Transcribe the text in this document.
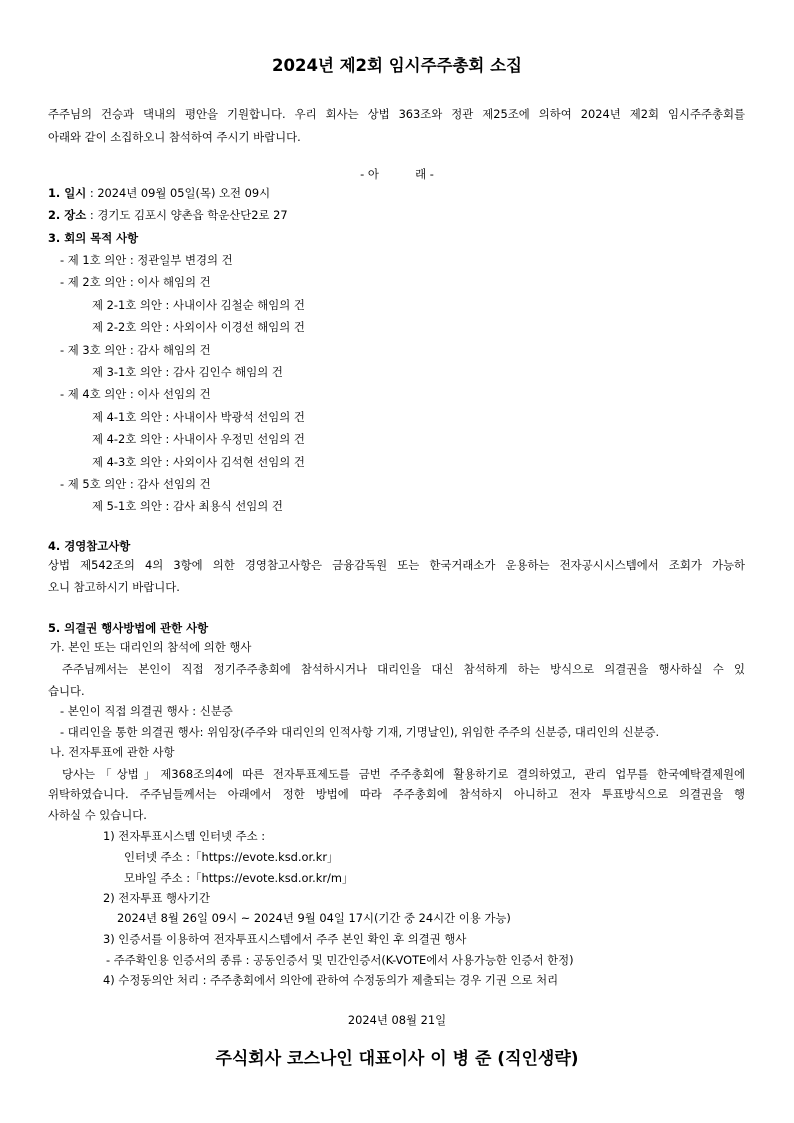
2024년 제2회 임시주주총회 소집
주주님의 건승과 댁내의 평안을 기원합니다. 우리 회사는 상법 363조와 정관 제25조에 의하여 2024년 제2회 임시주주총회를
아래와 같이 소집하오니 참석하여 주시기 바랍니다.
- 아          래 -
1. 일시 : 2024년 09월 05일(목) 오전 09시
2. 장소 : 경기도 김포시 양촌읍 학운산단2로 27
3. 회의 목적 사항
- 제 1호 의안 : 정관일부 변경의 건
- 제 2호 의안 : 이사 해임의 건
제 2-1호 의안 : 사내이사 김철순 해임의 건
제 2-2호 의안 : 사외이사 이경선 해임의 건
- 제 3호 의안 : 감사 해임의 건
제 3-1호 의안 : 감사 김인수 해임의 건
- 제 4호 의안 : 이사 선임의 건
제 4-1호 의안 : 사내이사 박광석 선임의 건
제 4-2호 의안 : 사내이사 우정민 선임의 건
제 4-3호 의안 : 사외이사 김석현 선임의 건
- 제 5호 의안 : 감사 선임의 건
제 5-1호 의안 : 감사 최용식 선임의 건
4. 경영참고사항
상법 제542조의 4의 3항에 의한 경영참고사항은 금융감독원 또는 한국거래소가 운용하는 전자공시시스템에서 조회가 가능하
오니 참고하시기 바랍니다.
5. 의결권 행사방법에 관한 사항
가. 본인 또는 대리인의 참석에 의한 행사
주주님께서는 본인이 직접 정기주주총회에 참석하시거나 대리인을 대신 참석하게 하는 방식으로 의결권을 행사하실 수 있
습니다.
- 본인이 직접 의결권 행사 : 신분증
- 대리인을 통한 의결권 행사: 위임장(주주와 대리인의 인적사항 기재, 기명날인), 위임한 주주의 신분증, 대리인의 신분증.
나. 전자투표에 관한 사항
당사는「상법」제368조의4에 따른 전자투표제도를 금번 주주총회에 활용하기로 결의하였고, 관리 업무를 한국예탁결제원에
위탁하였습니다. 주주님들께서는 아래에서 정한 방법에 따라 주주총회에 참석하지 아니하고 전자 투표방식으로 의결권을 행
사하실 수 있습니다.
1) 전자투표시스템 인터넷 주소 :
인터넷 주소 :「https://evote.ksd.or.kr」
모바일 주소 :「https://evote.ksd.or.kr/m」
2) 전자투표 행사기간
2024년 8월 26일 09시 ~ 2024년 9월 04일 17시(기간 중 24시간 이용 가능)
3) 인증서를 이용하여 전자투표시스템에서 주주 본인 확인 후 의결권 행사
- 주주확인용 인증서의 종류 : 공동인증서 및 민간인증서(K-VOTE에서 사용가능한 인증서 한정)
4) 수정동의안 처리 : 주주총회에서 의안에 관하여 수정동의가 제출되는 경우 기권 으로 처리
2024년 08월 21일
주식회사 코스나인 대표이사 이 병 준 (직인생략)
